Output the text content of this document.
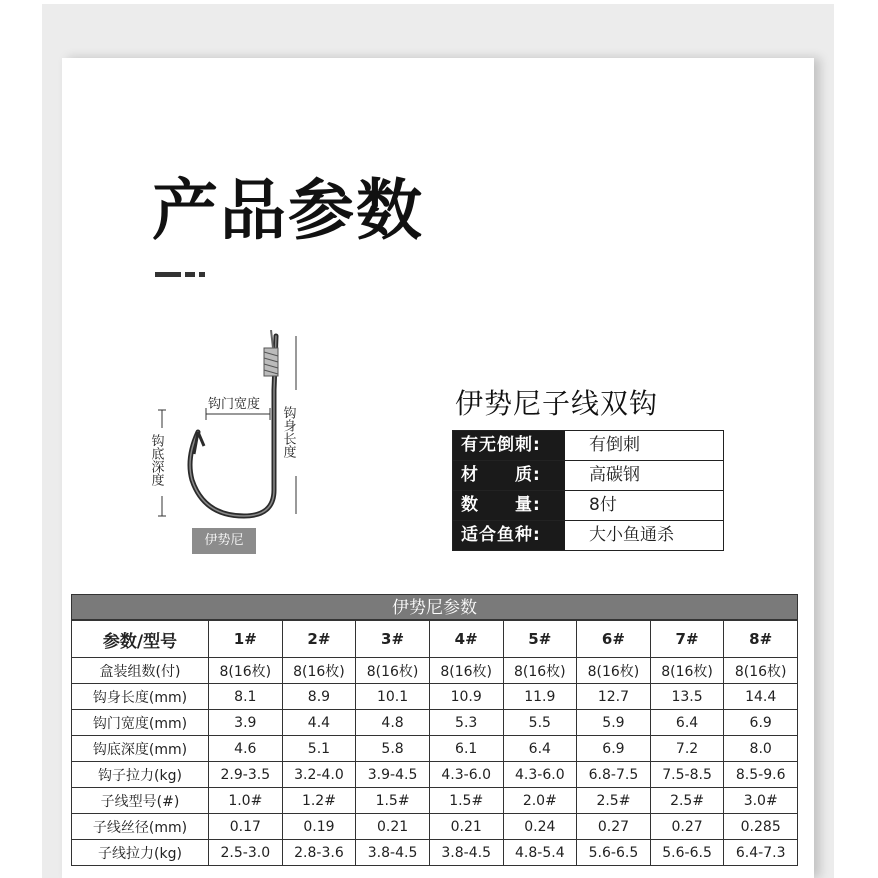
产品参数
钩门宽度
钩身长度
钩底深度
伊势尼
伊势尼子线双钩
有无倒刺:	有倒刺
材　　质:	高碳钢
数　　量:	8付
适合鱼种:	大小鱼通杀
伊势尼参数
参数/型号	1#	2#	3#	4#	5#	6#	7#	8#
盒装组数(付)	8(16枚)	8(16枚)	8(16枚)	8(16枚)	8(16枚)	8(16枚)	8(16枚)	8(16枚)
钩身长度(mm)	8.1	8.9	10.1	10.9	11.9	12.7	13.5	14.4
钩门宽度(mm)	3.9	4.4	4.8	5.3	5.5	5.9	6.4	6.9
钩底深度(mm)	4.6	5.1	5.8	6.1	6.4	6.9	7.2	8.0
钩子拉力(kg)	2.9-3.5	3.2-4.0	3.9-4.5	4.3-6.0	4.3-6.0	6.8-7.5	7.5-8.5	8.5-9.6
子线型号(#)	1.0#	1.2#	1.5#	1.5#	2.0#	2.5#	2.5#	3.0#
子线丝径(mm)	0.17	0.19	0.21	0.21	0.24	0.27	0.27	0.285
子线拉力(kg)	2.5-3.0	2.8-3.6	3.8-4.5	3.8-4.5	4.8-5.4	5.6-6.5	5.6-6.5	6.4-7.3
